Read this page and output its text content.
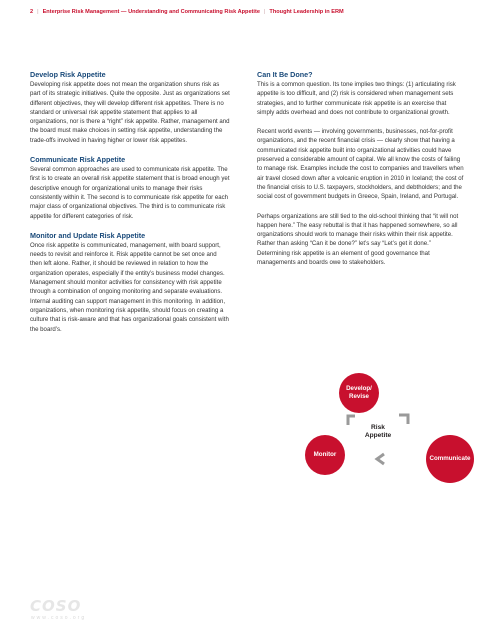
2 | Enterprise Risk Management — Understanding and Communicating Risk Appetite | Thought Leadership in ERM
Develop Risk Appetite

Developing risk appetite does not mean the organization shuns risk as part of its strategic initiatives. Quite the opposite. Just as organizations set different objectives, they will develop different risk appetites. There is no standard or universal risk appetite statement that applies to all organizations, nor is there a “right” risk appetite. Rather, management and the board must make choices in setting risk appetite, understanding the trade-offs involved in having higher or lower risk appetites.

Communicate Risk Appetite

Several common approaches are used to communicate risk appetite. The first is to create an overall risk appetite statement that is broad enough yet descriptive enough for organizational units to manage their risks consistently within it. The second is to communicate risk appetite for each major class of organizational objectives. The third is to communicate risk appetite for different categories of risk.

Monitor and Update Risk Appetite

Once risk appetite is communicated, management, with board support, needs to revisit and reinforce it. Risk appetite cannot be set once and then left alone. Rather, it should be reviewed in relation to how the organization operates, especially if the entity’s business model changes. Management should monitor activities for consistency with risk appetite through a combination of ongoing monitoring and separate evaluations. Internal auditing can support management in this monitoring. In addition, organizations, when monitoring risk appetite, should focus on creating a culture that is risk-aware and that has organizational goals consistent with the board’s.

Can It Be Done?

This is a common question. Its tone implies two things: (1) articulating risk appetite is too difficult, and (2) risk is considered when management sets strategies, and to further communicate risk appetite is an exercise that simply adds overhead and does not contribute to organizational growth.

Recent world events — involving governments, businesses, not-for-profit organizations, and the recent financial crisis — clearly show that having a communicated risk appetite built into organizational activities could have preserved a considerable amount of capital. We all know the costs of failing to manage risk. Examples include the cost to companies and travellers when air travel closed down after a volcanic eruption in 2010 in Iceland; the cost of the financial crisis to U.S. taxpayers, stockholders, and debtholders; and the social cost of government budgets in Greece, Spain, Ireland, and Portugal.

Perhaps organizations are still tied to the old-school thinking that “it will not happen here.” The easy rebuttal is that it has happened somewhere, so all organizations should work to manage their risks within their risk appetite. Rather than asking “Can it be done?” let’s say “Let’s get it done.” Determining risk appetite is an element of good governance that managements and boards owe to stakeholders.

Develop/ Revise
Risk Appetite
Monitor
Communicate
COSO
www.coso.org
